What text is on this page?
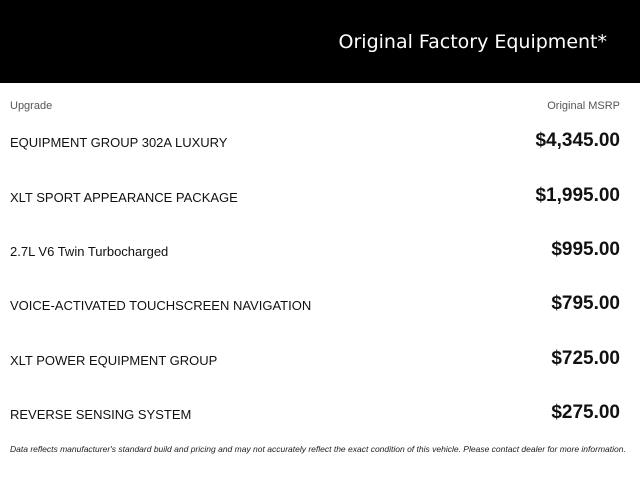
Original Factory Equipment*
Upgrade	Original MSRP
EQUIPMENT GROUP 302A LUXURY	$4,345.00
XLT SPORT APPEARANCE PACKAGE	$1,995.00
2.7L V6 Twin Turbocharged	$995.00
VOICE-ACTIVATED TOUCHSCREEN NAVIGATION	$795.00
XLT POWER EQUIPMENT GROUP	$725.00
REVERSE SENSING SYSTEM	$275.00
Data reflects manufacturer's standard build and pricing and may not accurately reflect the exact condition of this vehicle. Please contact dealer for more information.
